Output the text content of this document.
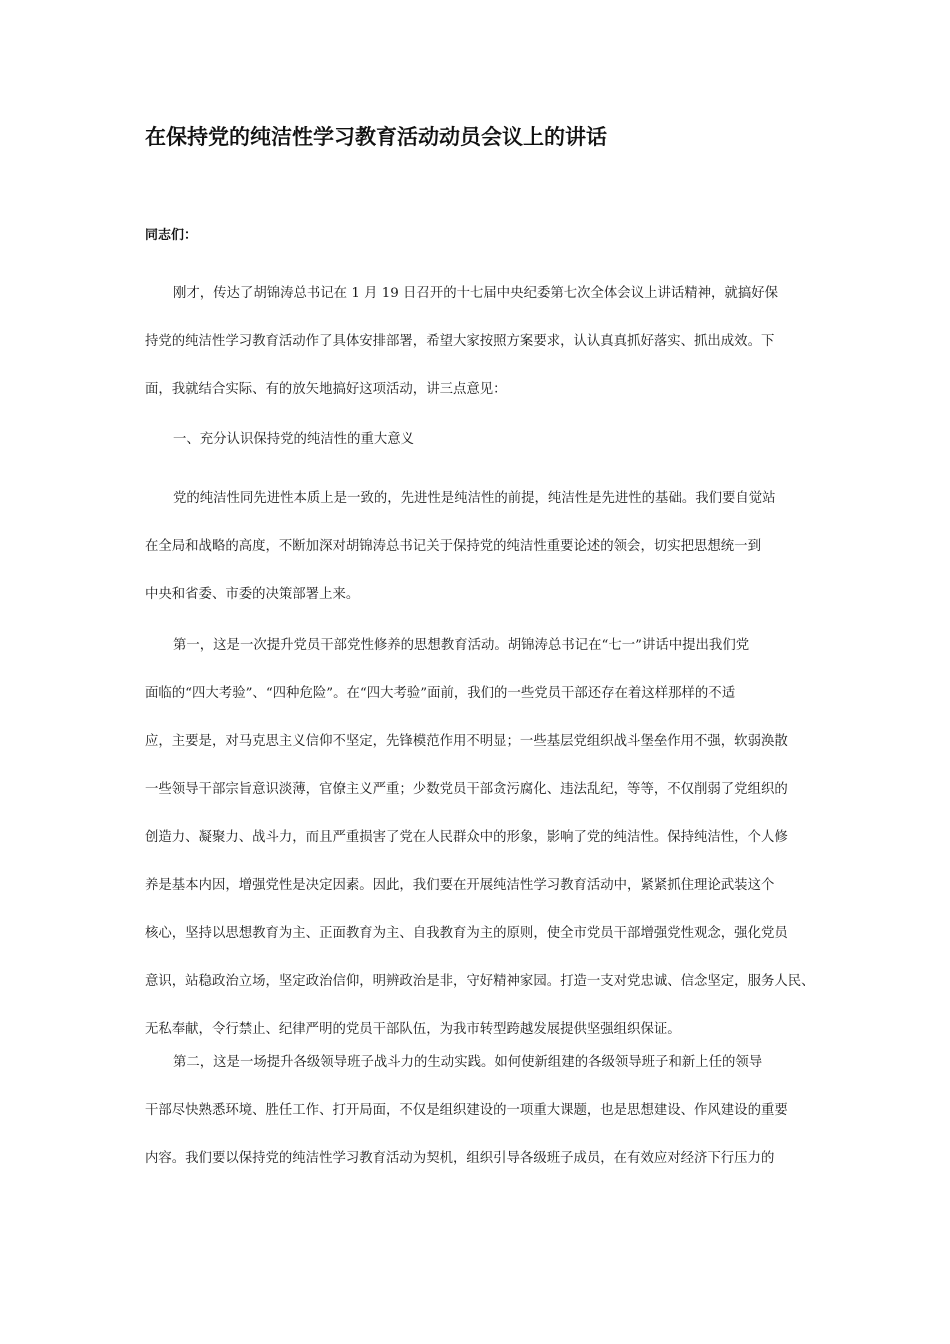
在保持党的纯洁性学习教育活动动员会议上的讲话
同志们：
刚才，传达了胡锦涛总书记在 1 月 19 日召开的十七届中央纪委第七次全体会议上讲话精神，就搞好保
持党的纯洁性学习教育活动作了具体安排部署，希望大家按照方案要求，认认真真抓好落实、抓出成效。下
面，我就结合实际、有的放矢地搞好这项活动，讲三点意见：
一、充分认识保持党的纯洁性的重大意义
党的纯洁性同先进性本质上是一致的，先进性是纯洁性的前提，纯洁性是先进性的基础。我们要自觉站
在全局和战略的高度，不断加深对胡锦涛总书记关于保持党的纯洁性重要论述的领会，切实把思想统一到
中央和省委、市委的决策部署上来。
第一，这是一次提升党员干部党性修养的思想教育活动。胡锦涛总书记在“七一”讲话中提出我们党
面临的“四大考验”、“四种危险”。在“四大考验”面前，我们的一些党员干部还存在着这样那样的不适
应，主要是，对马克思主义信仰不坚定，先锋模范作用不明显；一些基层党组织战斗堡垒作用不强，软弱涣散
一些领导干部宗旨意识淡薄，官僚主义严重；少数党员干部贪污腐化、违法乱纪，等等，不仅削弱了党组织的
创造力、凝聚力、战斗力，而且严重损害了党在人民群众中的形象，影响了党的纯洁性。保持纯洁性，个人修
养是基本内因，增强党性是决定因素。因此，我们要在开展纯洁性学习教育活动中，紧紧抓住理论武装这个
核心，坚持以思想教育为主、正面教育为主、自我教育为主的原则，使全市党员干部增强党性观念，强化党员
意识，站稳政治立场，坚定政治信仰，明辨政治是非，守好精神家园。打造一支对党忠诚、信念坚定，服务人民、
无私奉献，令行禁止、纪律严明的党员干部队伍，为我市转型跨越发展提供坚强组织保证。
第二，这是一场提升各级领导班子战斗力的生动实践。如何使新组建的各级领导班子和新上任的领导
干部尽快熟悉环境、胜任工作、打开局面，不仅是组织建设的一项重大课题，也是思想建设、作风建设的重要
内容。我们要以保持党的纯洁性学习教育活动为契机，组织引导各级班子成员，在有效应对经济下行压力的
